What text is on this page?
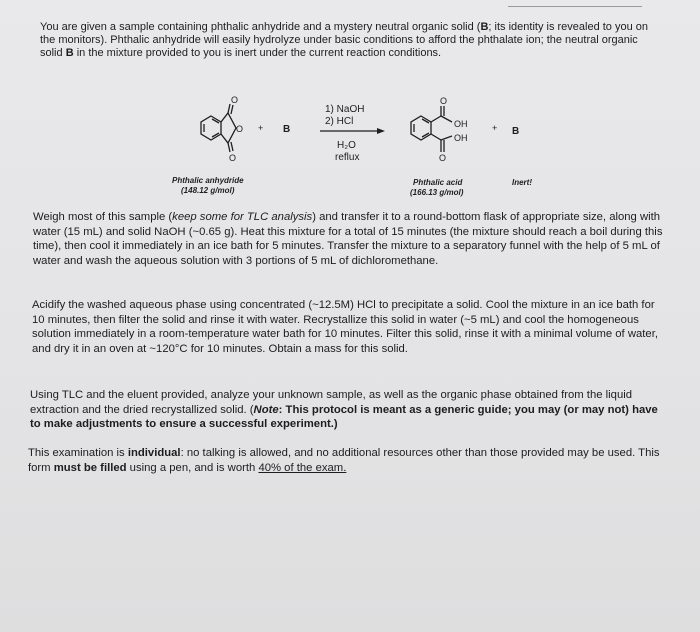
You are given a sample containing phthalic anhydride and a mystery neutral organic solid (B; its identity is revealed to you on the monitors). Phthalic anhydride will easily hydrolyze under basic conditions to afford the phthalate ion; the neutral organic solid B in the mixture provided to you is inert under the current reaction conditions.

O
O
O
O
OH
OH
O
+ B
1) NaOH
2) HCl
H₂O
reflux
+ B
Phthalic anhydride
(148.12 g/mol)
Phthalic acid
(166.13 g/mol)
Inert!

Weigh most of this sample (keep some for TLC analysis) and transfer it to a round-bottom flask of appropriate size, along with water (15 mL) and solid NaOH (~0.65 g). Heat this mixture for a total of 15 minutes (the mixture should reach a boil during this time), then cool it immediately in an ice bath for 5 minutes. Transfer the mixture to a separatory funnel with the help of 5 mL of water and wash the aqueous solution with 3 portions of 5 mL of dichloromethane.

Acidify the washed aqueous phase using concentrated (~12.5M) HCl to precipitate a solid. Cool the mixture in an ice bath for 10 minutes, then filter the solid and rinse it with water. Recrystallize this solid in water (~5 mL) and cool the homogeneous solution immediately in a room-temperature water bath for 10 minutes. Filter this solid, rinse it with a minimal volume of water, and dry it in an oven at ~120°C for 10 minutes. Obtain a mass for this solid.

Using TLC and the eluent provided, analyze your unknown sample, as well as the organic phase obtained from the liquid extraction and the dried recrystallized solid. (Note: This protocol is meant as a generic guide; you may (or may not) have to make adjustments to ensure a successful experiment.)

This examination is individual: no talking is allowed, and no additional resources other than those provided may be used. This form must be filled using a pen, and is worth 40% of the exam.
